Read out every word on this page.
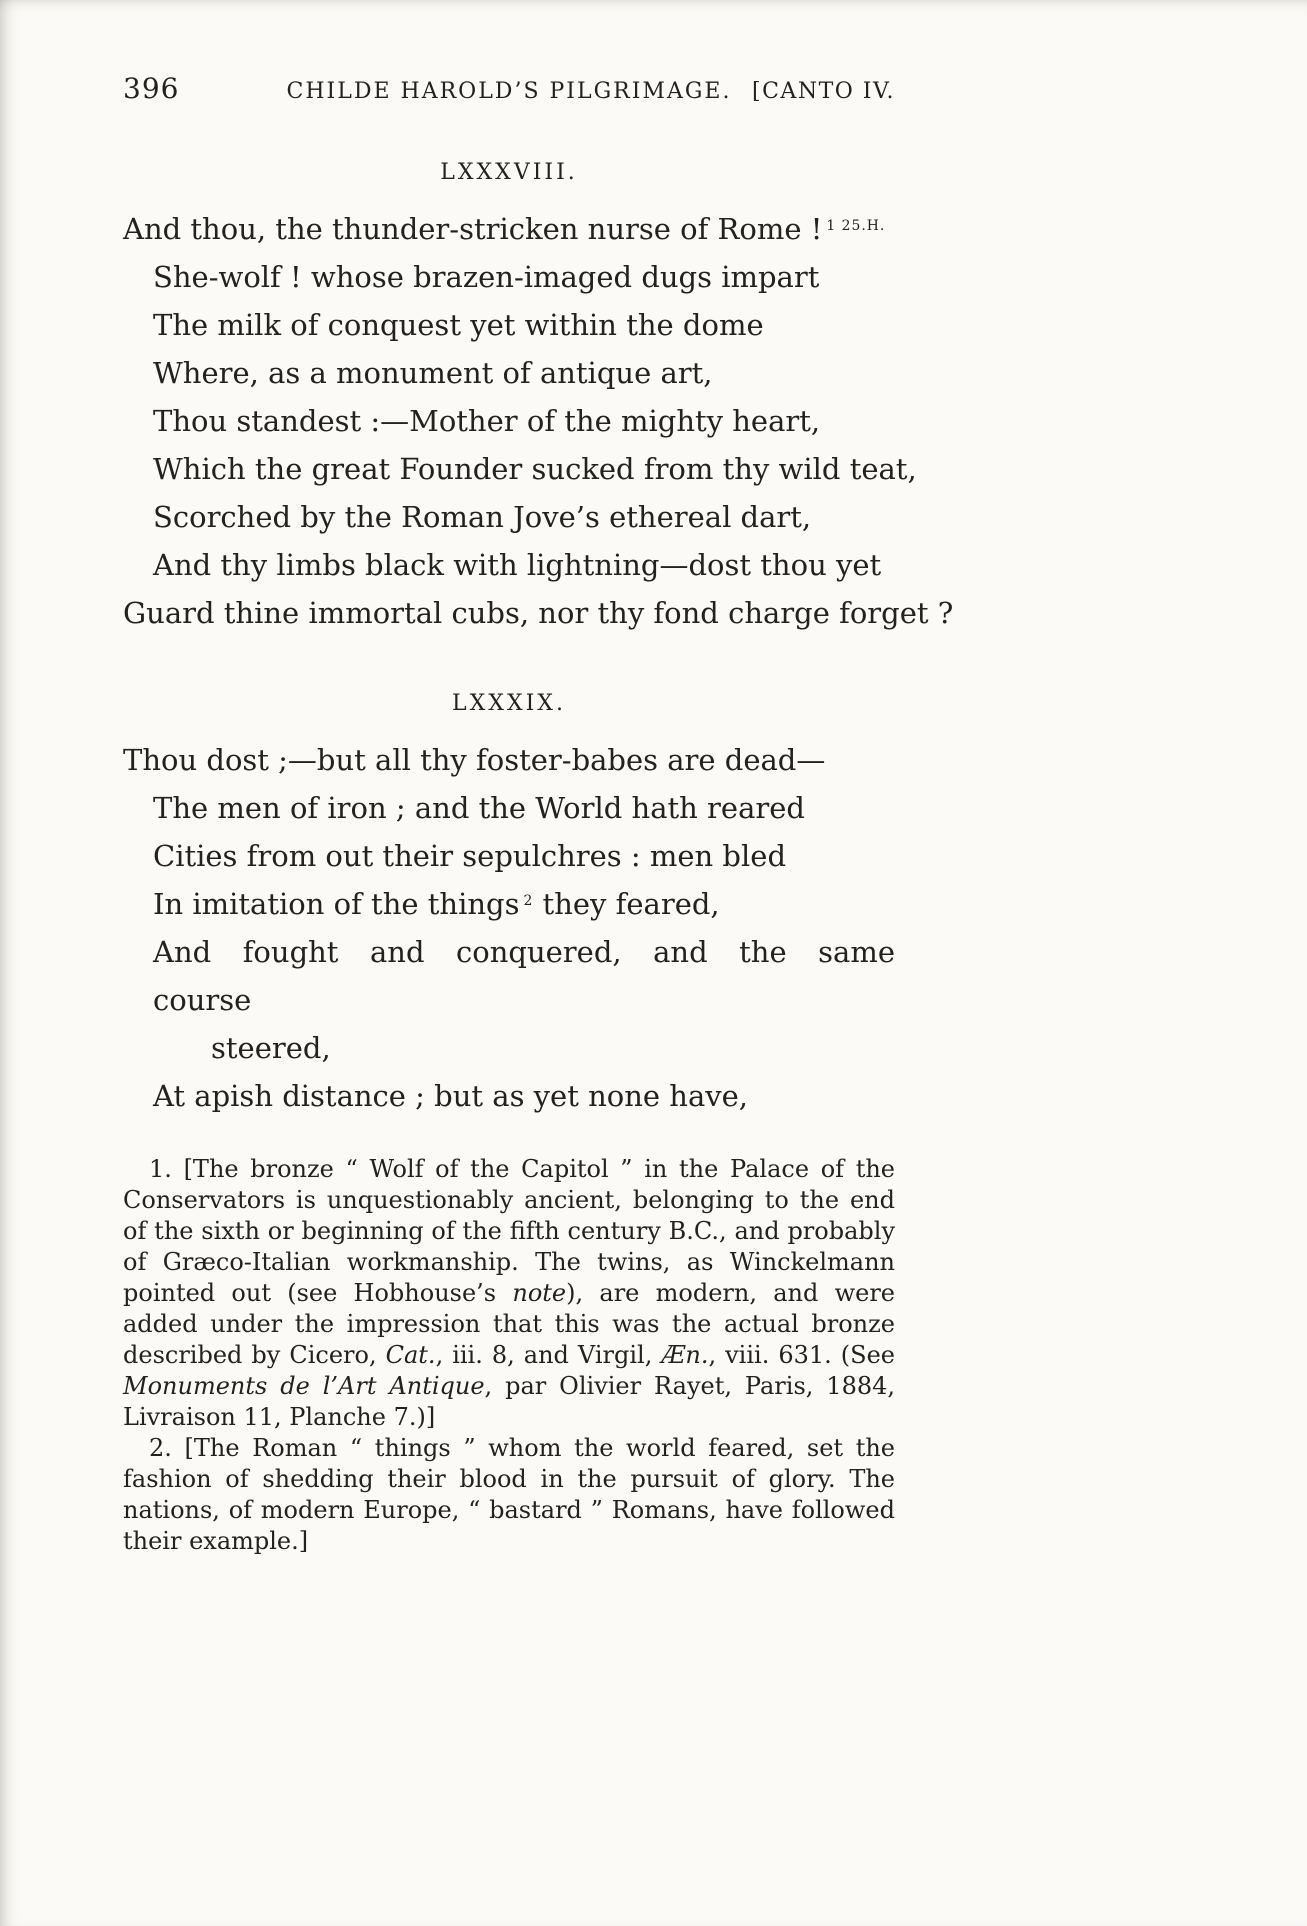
396	CHILDE HAROLD’S PILGRIMAGE. [CANTO IV.
LXXXVIII.
And thou, the thunder-stricken nurse of Rome ! $^{1 25.H.}$
She-wolf ! whose brazen-imaged dugs impart
The milk of conquest yet within the dome
Where, as a monument of antique art,
Thou standest :—Mother of the mighty heart,
Which the great Founder sucked from thy wild teat,
Scorched by the Roman Jove’s ethereal dart,
And thy limbs black with lightning—dost thou yet
Guard thine immortal cubs, nor thy fond charge forget ?
LXXXIX.
Thou dost ;—but all thy foster-babes are dead—
The men of iron ; and the World hath reared
Cities from out their sepulchres : men bled
In imitation of the things $^2$ they feared,
And fought and conquered, and the same course
steered,
At apish distance ; but as yet none have,

1. [The bronze “ Wolf of the Capitol ” in the Palace of the Conservators is unquestionably ancient, belonging to the end of the sixth or beginning of the fifth century B.C., and probably of Græco-Italian workmanship. The twins, as Winckelmann pointed out (see Hobhouse’s note), are modern, and were added under the impression that this was the actual bronze described by Cicero, Cat., iii. 8, and Virgil, Æn., viii. 631. (See Monuments de l’Art Antique, par Olivier Rayet, Paris, 1884, Livraison 11, Planche 7.)]

2. [The Roman “ things ” whom the world feared, set the fashion of shedding their blood in the pursuit of glory. The nations, of modern Europe, “ bastard ” Romans, have followed their example.]
